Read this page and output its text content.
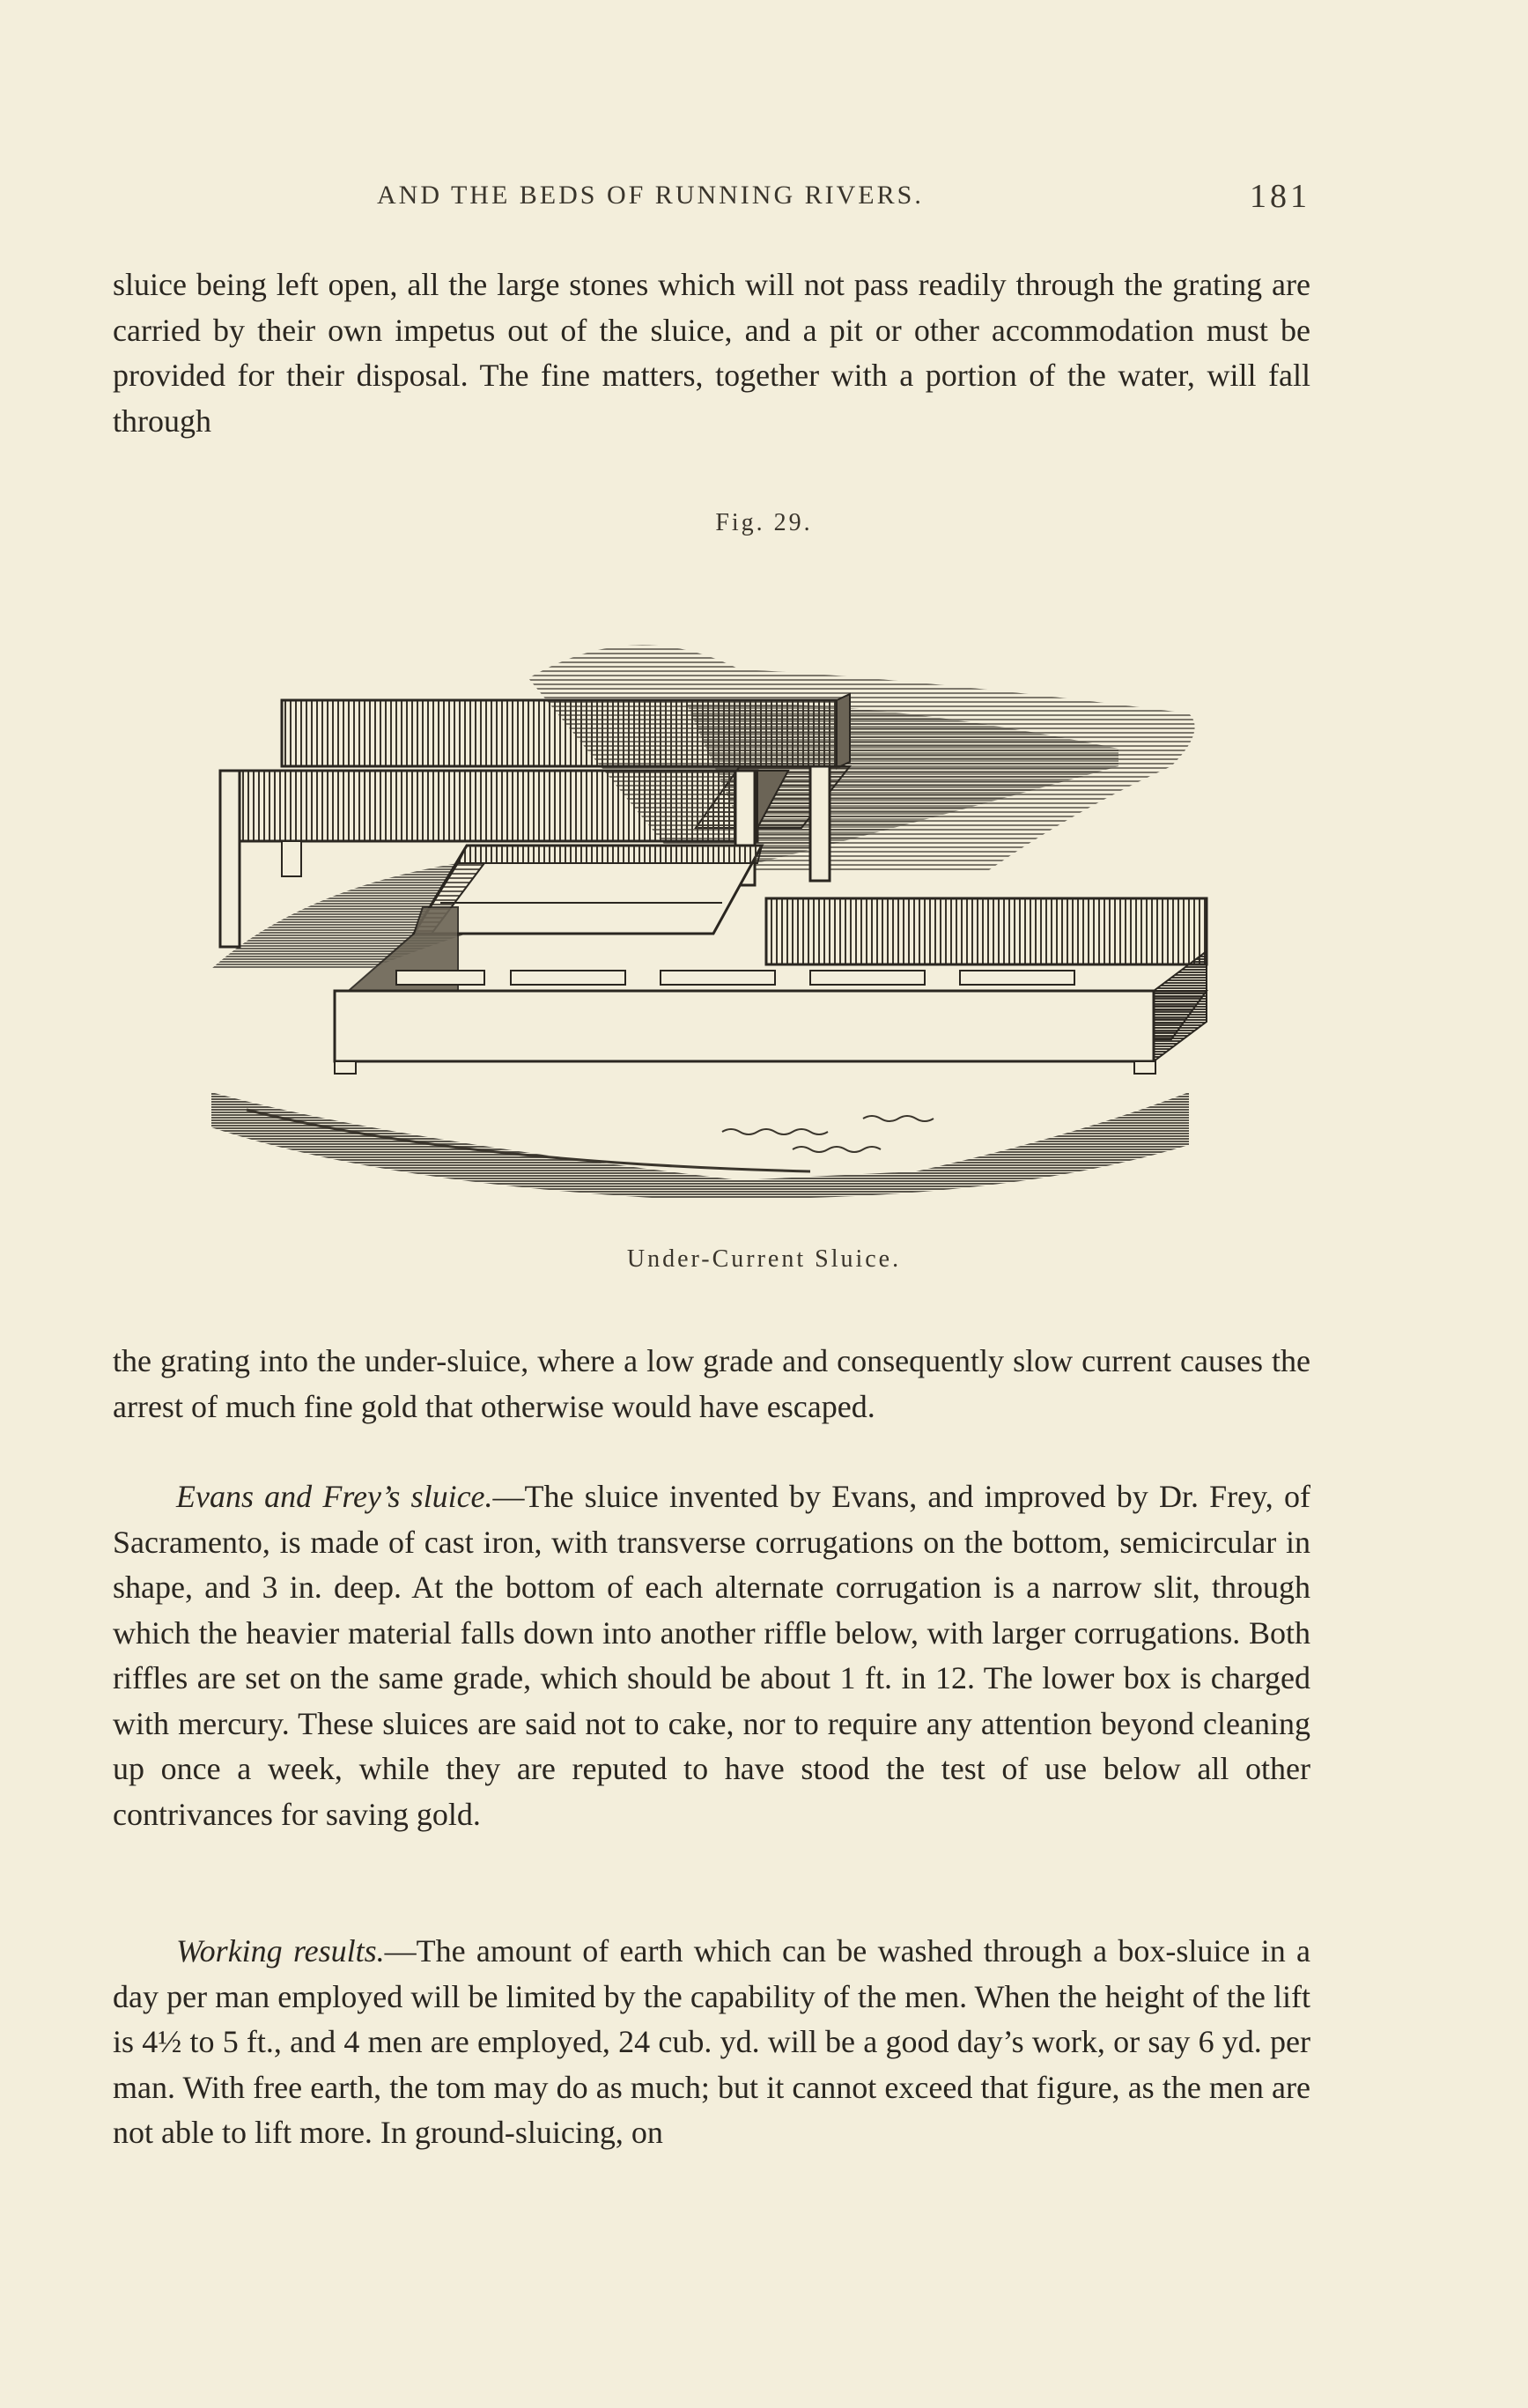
AND THE BEDS OF RUNNING RIVERS.	181

sluice being left open, all the large stones which will not pass readily through the grating are carried by their own impetus out of the sluice, and a pit or other accommodation must be provided for their disposal. The fine matters, together with a portion of the water, will fall through

Fig. 29.
Under-Current Sluice.

the grating into the under-sluice, where a low grade and consequently slow current causes the arrest of much fine gold that otherwise would have escaped.

Evans and Frey’s sluice.—The sluice invented by Evans, and improved by Dr. Frey, of Sacramento, is made of cast iron, with transverse corrugations on the bottom, semicircular in shape, and 3 in. deep. At the bottom of each alternate corrugation is a narrow slit, through which the heavier material falls down into another riffle below, with larger corrugations. Both riffles are set on the same grade, which should be about 1 ft. in 12. The lower box is charged with mercury. These sluices are said not to cake, nor to require any attention beyond cleaning up once a week, while they are reputed to have stood the test of use below all other contrivances for saving gold.

Working results.—The amount of earth which can be washed through a box-sluice in a day per man employed will be limited by the capability of the men. When the height of the lift is 4½ to 5 ft., and 4 men are employed, 24 cub. yd. will be a good day’s work, or say 6 yd. per man. With free earth, the tom may do as much; but it cannot exceed that figure, as the men are not able to lift more. In ground-sluicing, on
